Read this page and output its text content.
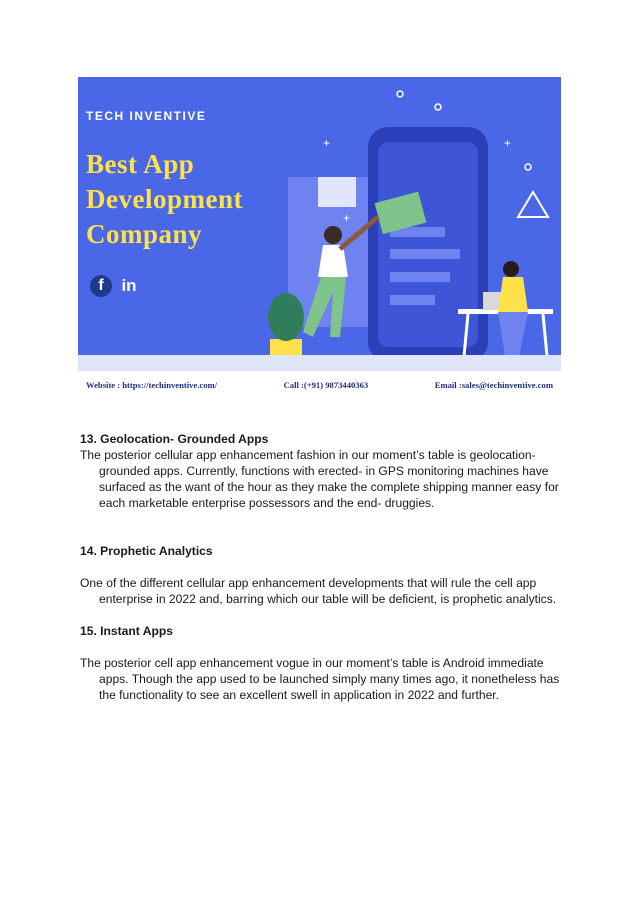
+	+
+
TECH INVENTIVE
Best App
Development
Company
f	in
Website : https://techinventive.com/	Call :(+91) 9873440363	Email :sales@techinventive.com
13. Geolocation- Grounded Apps

The posterior cellular app enhancement fashion in our moment’s table is geolocation-grounded apps. Currently, functions with erected- in GPS monitoring machines have surfaced as the want of the hour as they make the complete shipping manner easy for each marketable enterprise possessors and the end- druggies.

14. Prophetic Analytics

One of the different cellular app enhancement developments that will rule the cell app enterprise in 2022 and, barring which our table will be deficient, is prophetic analytics.

15. Instant Apps

The posterior cell app enhancement vogue in our moment’s table is Android immediate apps. Though the app used to be launched simply many times ago, it nonetheless has the functionality to see an excellent swell in application in 2022 and further.
